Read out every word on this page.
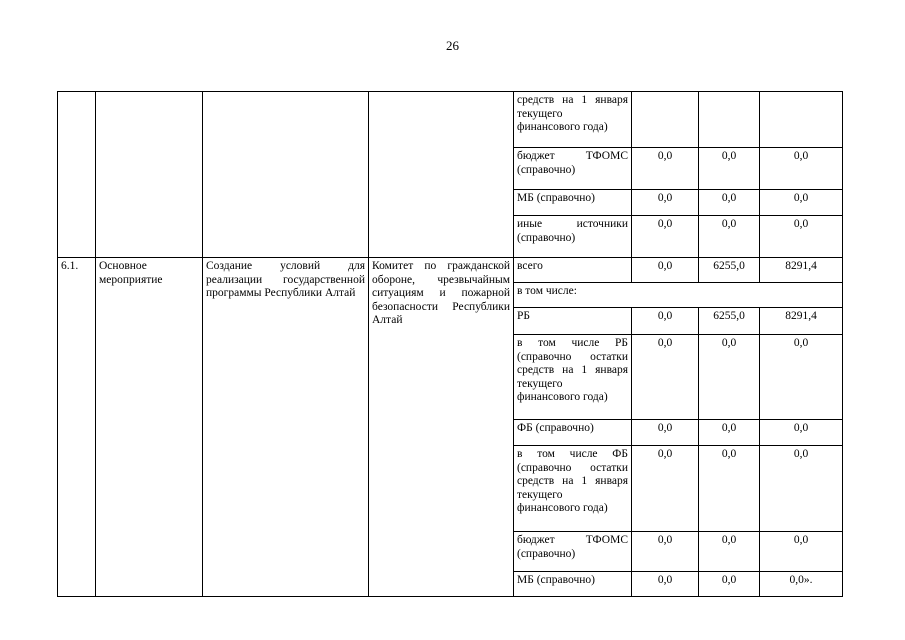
26
				средств на 1 января текущего финансового года)			
				бюджет ТФОМС (справочно)	0,0	0,0	0,0
				МБ (справочно)	0,0	0,0	0,0
				иные источники (справочно)	0,0	0,0	0,0
6.1.	Основное мероприятие	Создание условий для реализации государственной программы Республики Алтай	Комитет по гражданской обороне, чрезвычайным ситуациям и пожарной безопасности Республики Алтай	всего	0,0	6255,0	8291,4
				в том числе:			
				РБ	0,0	6255,0	8291,4
				в том числе РБ (справочно остатки средств на 1 января текущего финансового года)	0,0	0,0	0,0
				ФБ (справочно)	0,0	0,0	0,0
				в том числе ФБ (справочно остатки средств на 1 января текущего финансового года)	0,0	0,0	0,0
				бюджет ТФОМС (справочно)	0,0	0,0	0,0
				МБ (справочно)	0,0	0,0	0,0».
